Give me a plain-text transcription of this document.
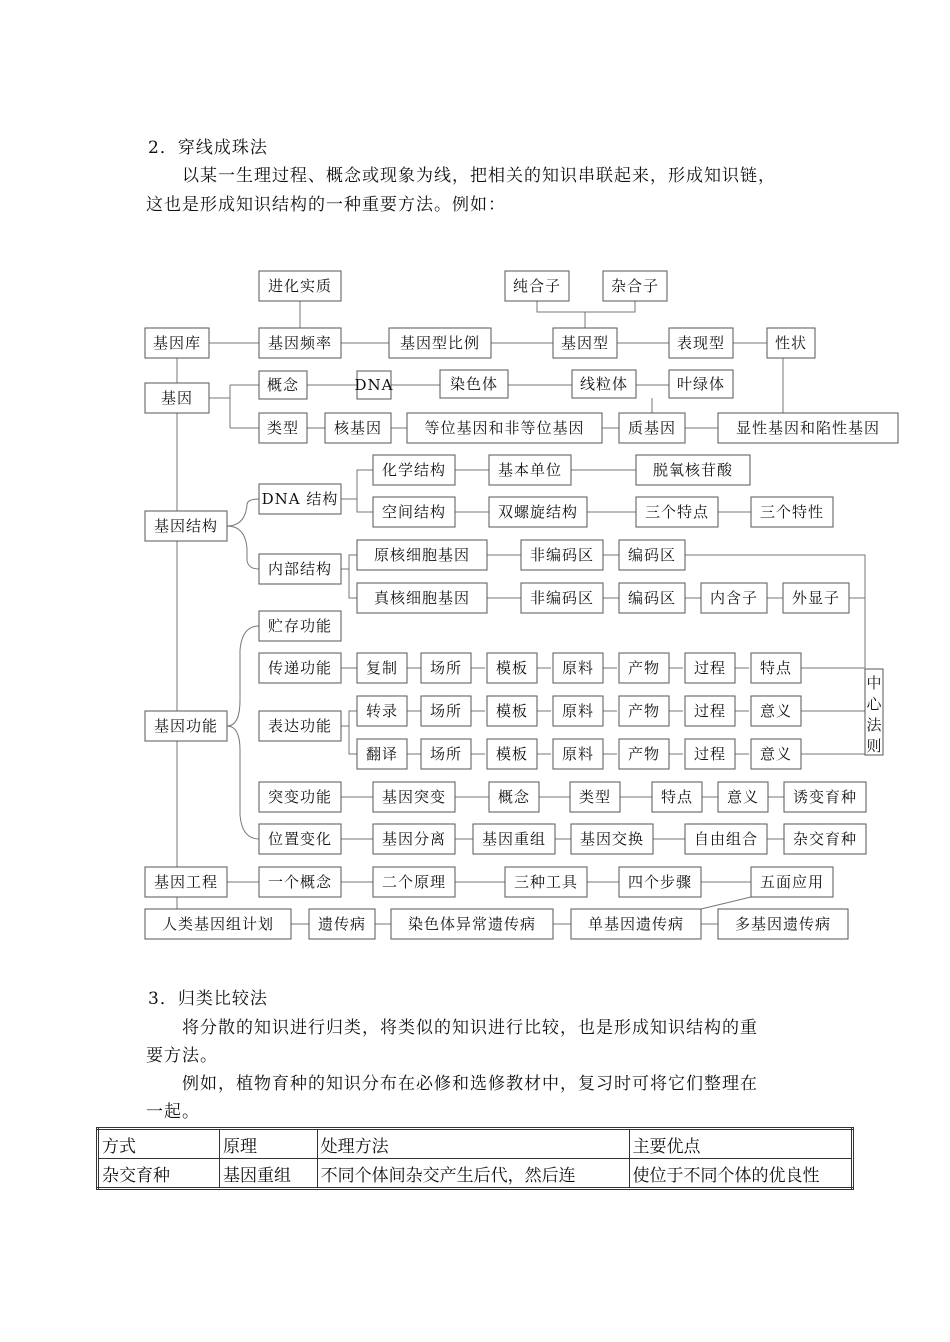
2．穿线成珠法
以某一生理过程、概念或现象为线，把相关的知识串联起来，形成知识链，
这也是形成知识结构的一种重要方法。例如：
进化实质	纯合子	杂合子
基因库	基因频率	基因型比例	基因型	表现型	性状
基因
概念	DNA	染色体	线粒体	叶绿体
类型 核基因	等位基因和非等位基因	质基因	显性基因和陷性基因
基因结构
DNA 结构
化学结构	基本单位	脱氧核苷酸
空间结构	双螺旋结构	三个特点	三个特性
内部结构
原核细胞基因	非编码区 编码区
真核细胞基因	非编码区 编码区 内含子 外显子
贮存功能
传递功能 复制 场所 模板 原料 产物 过程 特点
基因功能	表达功能
转录 场所 模板 原料 产物 过程 意义
翻译 场所 模板 原料 产物 过程 意义
突变功能	基因突变	概念	类型	特点 意义 诱变育种
位置变化	基因分离 基因重组 基因交换	自由组合 杂交育种
基因工程	一个概念	二个原理	三种工具	四个步骤	五面应用
人类基因组计划	遗传病	染色体异常遗传病	单基因遗传病	多基因遗传病
中心法则
3．归类比较法
将分散的知识进行归类，将类似的知识进行比较，也是形成知识结构的重
要方法。
例如，植物育种的知识分布在必修和选修教材中，复习时可将它们整理在
一起。
方式	原理	处理方法	主要优点
杂交育种	基因重组	不同个体间杂交产生后代，然后连	使位于不同个体的优良性
